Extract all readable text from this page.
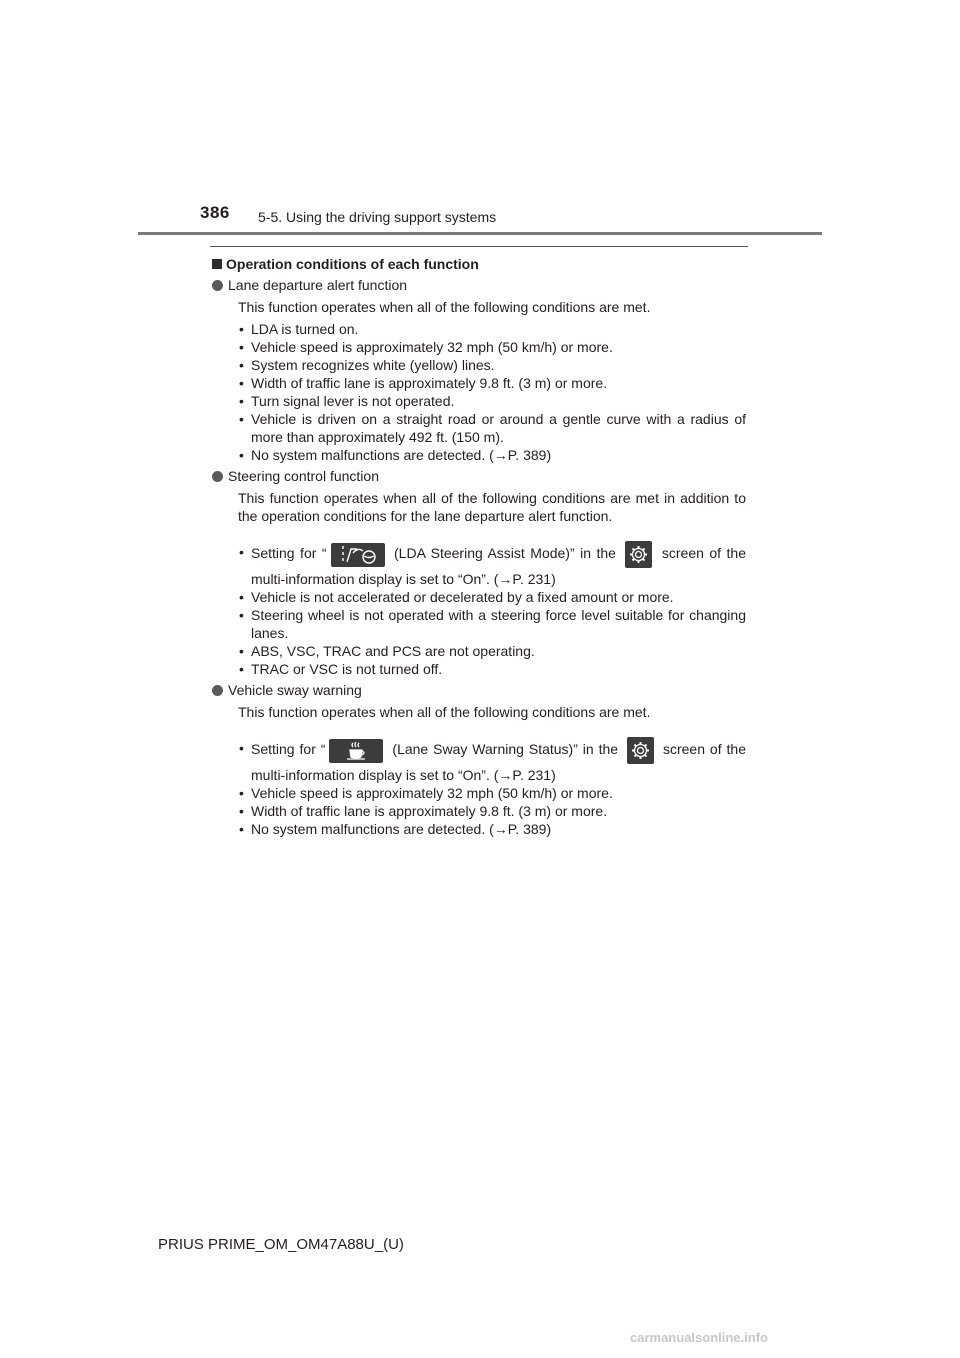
386 5-5. Using the driving support systems
Operation conditions of each function
Lane departure alert function
This function operates when all of the following conditions are met.
• LDA is turned on.
• Vehicle speed is approximately 32 mph (50 km/h) or more.
• System recognizes white (yellow) lines.
• Width of traffic lane is approximately 9.8 ft. (3 m) or more.
• Turn signal lever is not operated.
• Vehicle is driven on a straight road or around a gentle curve with a radius of more than approximately 492 ft. (150 m).
• No system malfunctions are detected. (→P. 389)
Steering control function
This function operates when all of the following conditions are met in addition to the operation conditions for the lane departure alert function.
• Setting for “	(LDA Steering Assist Mode)” in the	screen of the multi-information display is set to “On”. (→P. 231)
• Vehicle is not accelerated or decelerated by a fixed amount or more.
• Steering wheel is not operated with a steering force level suitable for changing lanes.
• ABS, VSC, TRAC and PCS are not operating.
• TRAC or VSC is not turned off.
Vehicle sway warning
This function operates when all of the following conditions are met.
• Setting for “	(Lane Sway Warning Status)” in the	screen of the multi-information display is set to “On”. (→P. 231)
• Vehicle speed is approximately 32 mph (50 km/h) or more.
• Width of traffic lane is approximately 9.8 ft. (3 m) or more.
• No system malfunctions are detected. (→P. 389)
PRIUS PRIME_OM_OM47A88U_(U)
carmanualsonline.info
